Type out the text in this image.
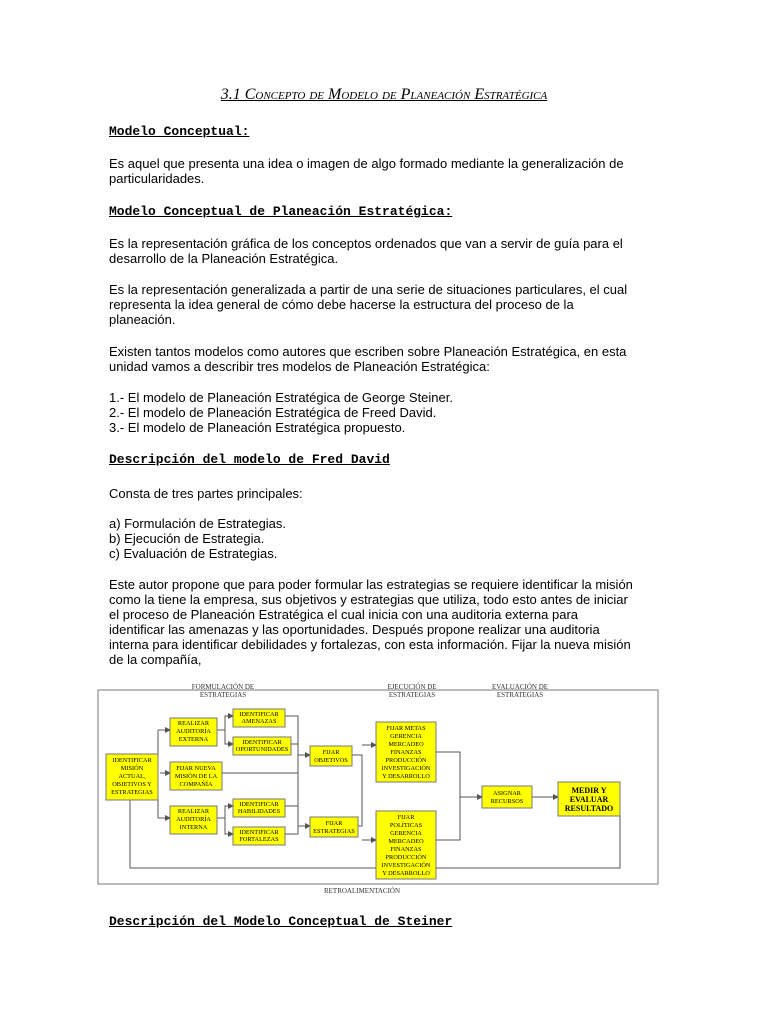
3.1 Concepto de Modelo de Planeación Estratégica
Modelo Conceptual:
Es aquel que presenta una idea o imagen de algo formado mediante la generalización de
particularidades.
Modelo Conceptual de Planeación Estratégica:
Es la representación gráfica de los conceptos ordenados que van a servir de guía para el
desarrollo de la Planeación Estratégica.
Es la representación generalizada a partir de una serie de situaciones particulares, el cual
representa la idea general de cómo debe hacerse la estructura del proceso de la
planeación.
Existen tantos modelos como autores que escriben sobre Planeación Estratégica, en esta
unidad vamos a describir tres modelos de Planeación Estratégica:
1.- El modelo de Planeación Estratégica de George Steiner.
2.- El modelo de Planeación Estratégica de Freed David.
3.- El modelo de Planeación Estratégica propuesto.
Descripción del modelo de Fred David
Consta de tres partes principales:
a) Formulación de Estrategias.
b) Ejecución de Estrategia.
c) Evaluación de Estrategias.
Este autor propone que para poder formular las estrategias se requiere identificar la misión
como la tiene la empresa, sus objetivos y estrategias que utiliza, todo esto antes de iniciar
el proceso de Planeación Estratégica el cual inicia con una auditoria externa para
identificar las amenazas y las oportunidades. Después propone realizar una auditoria
interna para identificar debilidades y fortalezas, con esta información. Fijar la nueva misión
de la compañía,
FORMULACIÓN DE
ESTRATEGIAS
EJECUCIÓN DE
ESTRATEGIAS
EVALUACIÓN DE
ESTRATEGIAS
RETROALIMENTACIÓN
IDENTIFICAR
MISIÓN
ACTUAL,
OBJETIVOS Y
ESTRATEGIAS
REALIZAR
AUDITORÍA
EXTERNA
FIJAR NUEVA
MISIÓN DE LA
COMPAÑÍA
REALIZAR
AUDITORÍA
INTERNA
IDENTIFICAR
AMENAZAS
IDENTIFICAR
OPORTUNIDADES
IDENTIFICAR
HABILIDADES
IDENTIFICAR
FORTALEZAS
FIJAR
OBJETIVOS
FIJAR
ESTRATEGIAS
FIJAR METAS
GERENCIA
MERCADEO
FINANZAS
PRODUCCIÓN
INVESTIGACIÓN
Y DESARROLLO
FIJAR
POLÍTICAS
GERENCIA
MERCADEO
FINANZAS
PRODUCCIÓN
INVESTIGACIÓN
Y DESARROLLO
ASIGNAR
RECURSOS
MEDIR Y
EVALUAR
RESULTADO
Descripción del Modelo Conceptual de Steiner
